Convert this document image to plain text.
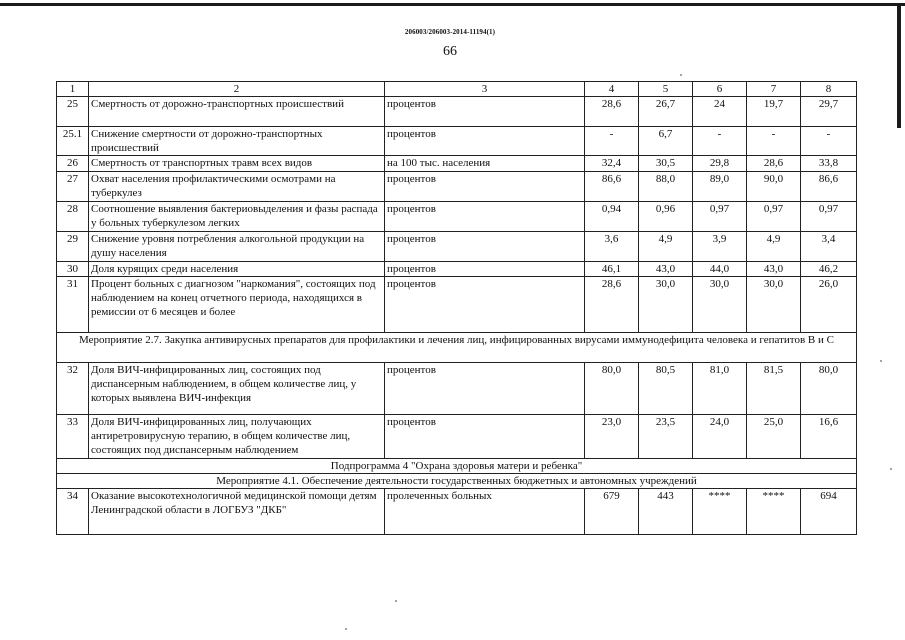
206003/206003-2014-11194(1)
66
1	2	3	4	5	6	7	8
25	Смертность от дорожно-транспортных происшествий	процентов	28,6	26,7	24	19,7	29,7
25.1	Снижение смертности от дорожно-транспортных происшествий	процентов	-	6,7	-	-	-
26	Смертность от транспортных травм всех видов	на 100 тыс. населения	32,4	30,5	29,8	28,6	33,8
27	Охват населения профилактическими осмотрами на туберкулез	процентов	86,6	88,0	89,0	90,0	86,6
28	Соотношение выявления бактериовыделения и фазы распада у больных туберкулезом легких	процентов	0,94	0,96	0,97	0,97	0,97
29	Снижение уровня потребления алкогольной продукции на душу населения	процентов	3,6	4,9	3,9	4,9	3,4
30	Доля курящих среди населения	процентов	46,1	43,0	44,0	43,0	46,2
31	Процент больных с диагнозом "наркомания", состоящих под наблюдением на конец отчетного периода, находящихся в ремиссии от 6 месяцев и более	процентов	28,6	30,0	30,0	30,0	26,0
Мероприятие 2.7. Закупка антивирусных препаратов для профилактики и лечения лиц, инфицированных вирусами иммунодефицита человека и гепатитов В и С							
32	Доля ВИЧ-инфицированных лиц, состоящих под диспансерным наблюдением, в общем количестве лиц, у которых выявлена ВИЧ-инфекция	процентов	80,0	80,5	81,0	81,5	80,0
33	Доля ВИЧ-инфицированных лиц, получающих антиретровирусную терапию, в общем количестве лиц, состоящих под диспансерным наблюдением	процентов	23,0	23,5	24,0	25,0	16,6
Подпрограмма 4 "Охрана здоровья матери и ребенка"							
Мероприятие 4.1. Обеспечение деятельности государственных бюджетных и автономных учреждений							
34	Оказание высокотехнологичной медицинской помощи детям Ленинградской области в ЛОГБУЗ "ДКБ"	пролеченных больных	679	443	****	****	694
